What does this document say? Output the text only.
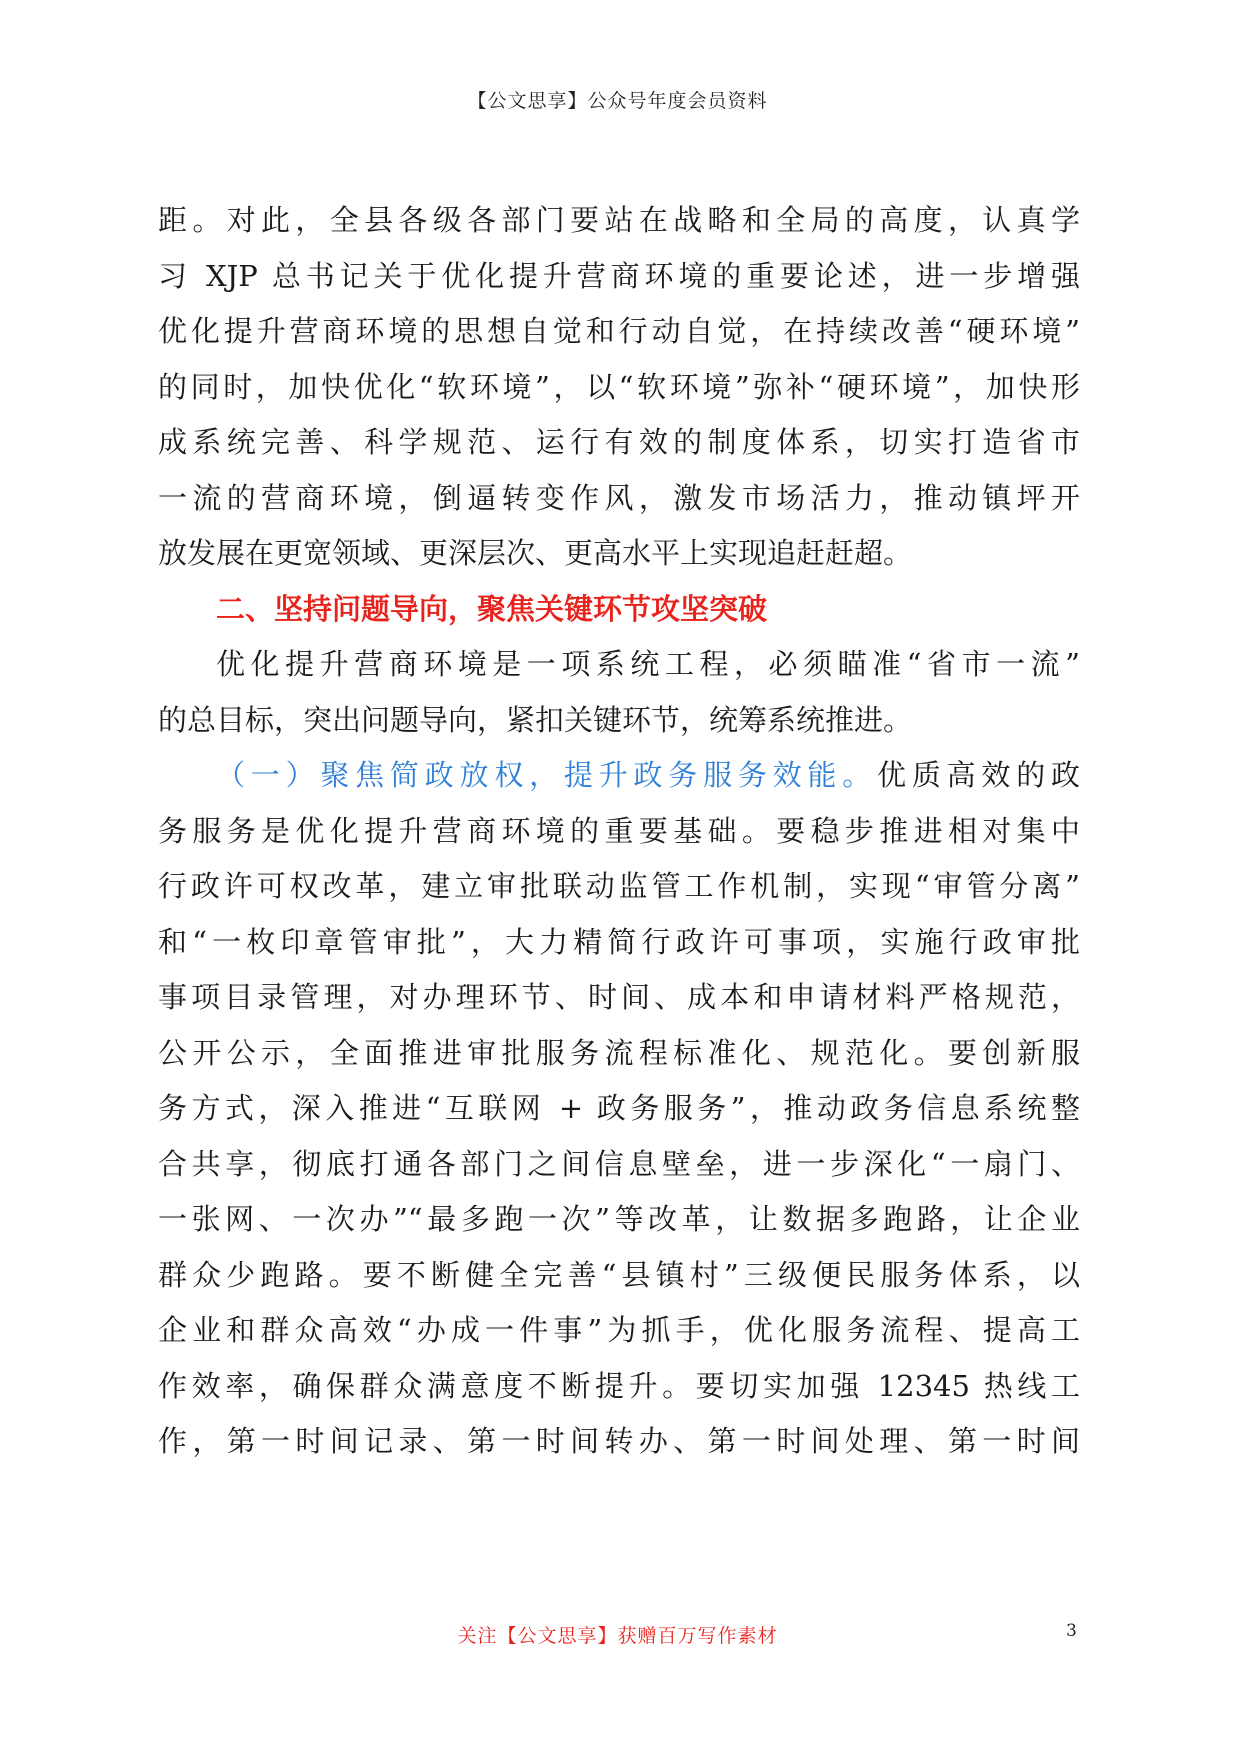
【公文思享】公众号年度会员资料
距。对此，全县各级各部门要站在战略和全局的高度，认真学
习 XJP 总书记关于优化提升营商环境的重要论述，进一步增强
优化提升营商环境的思想自觉和行动自觉，在持续改善“硬环境”
的同时，加快优化“软环境”，以“软环境”弥补“硬环境”，加快形
成系统完善、科学规范、运行有效的制度体系，切实打造省市
一流的营商环境，倒逼转变作风，激发市场活力，推动镇坪开
放发展在更宽领域、更深层次、更高水平上实现追赶赶超。
二、坚持问题导向，聚焦关键环节攻坚突破
优化提升营商环境是一项系统工程，必须瞄准“省市一流”
的总目标，突出问题导向，紧扣关键环节，统筹系统推进。
（一）聚焦简政放权，提升政务服务效能。优质高效的政
务服务是优化提升营商环境的重要基础。要稳步推进相对集中
行政许可权改革，建立审批联动监管工作机制，实现“审管分离”
和“一枚印章管审批”，大力精简行政许可事项，实施行政审批
事项目录管理，对办理环节、时间、成本和申请材料严格规范，
公开公示，全面推进审批服务流程标准化、规范化。要创新服
务方式，深入推进“互联网 + 政务服务”，推动政务信息系统整
合共享，彻底打通各部门之间信息壁垒，进一步深化“一扇门、
一张网、一次办”“最多跑一次”等改革，让数据多跑路，让企业
群众少跑路。要不断健全完善“县镇村”三级便民服务体系，以
企业和群众高效“办成一件事”为抓手，优化服务流程、提高工
作效率，确保群众满意度不断提升。要切实加强 12345 热线工
作，第一时间记录、第一时间转办、第一时间处理、第一时间
关注【公文思享】获赠百万写作素材	3
